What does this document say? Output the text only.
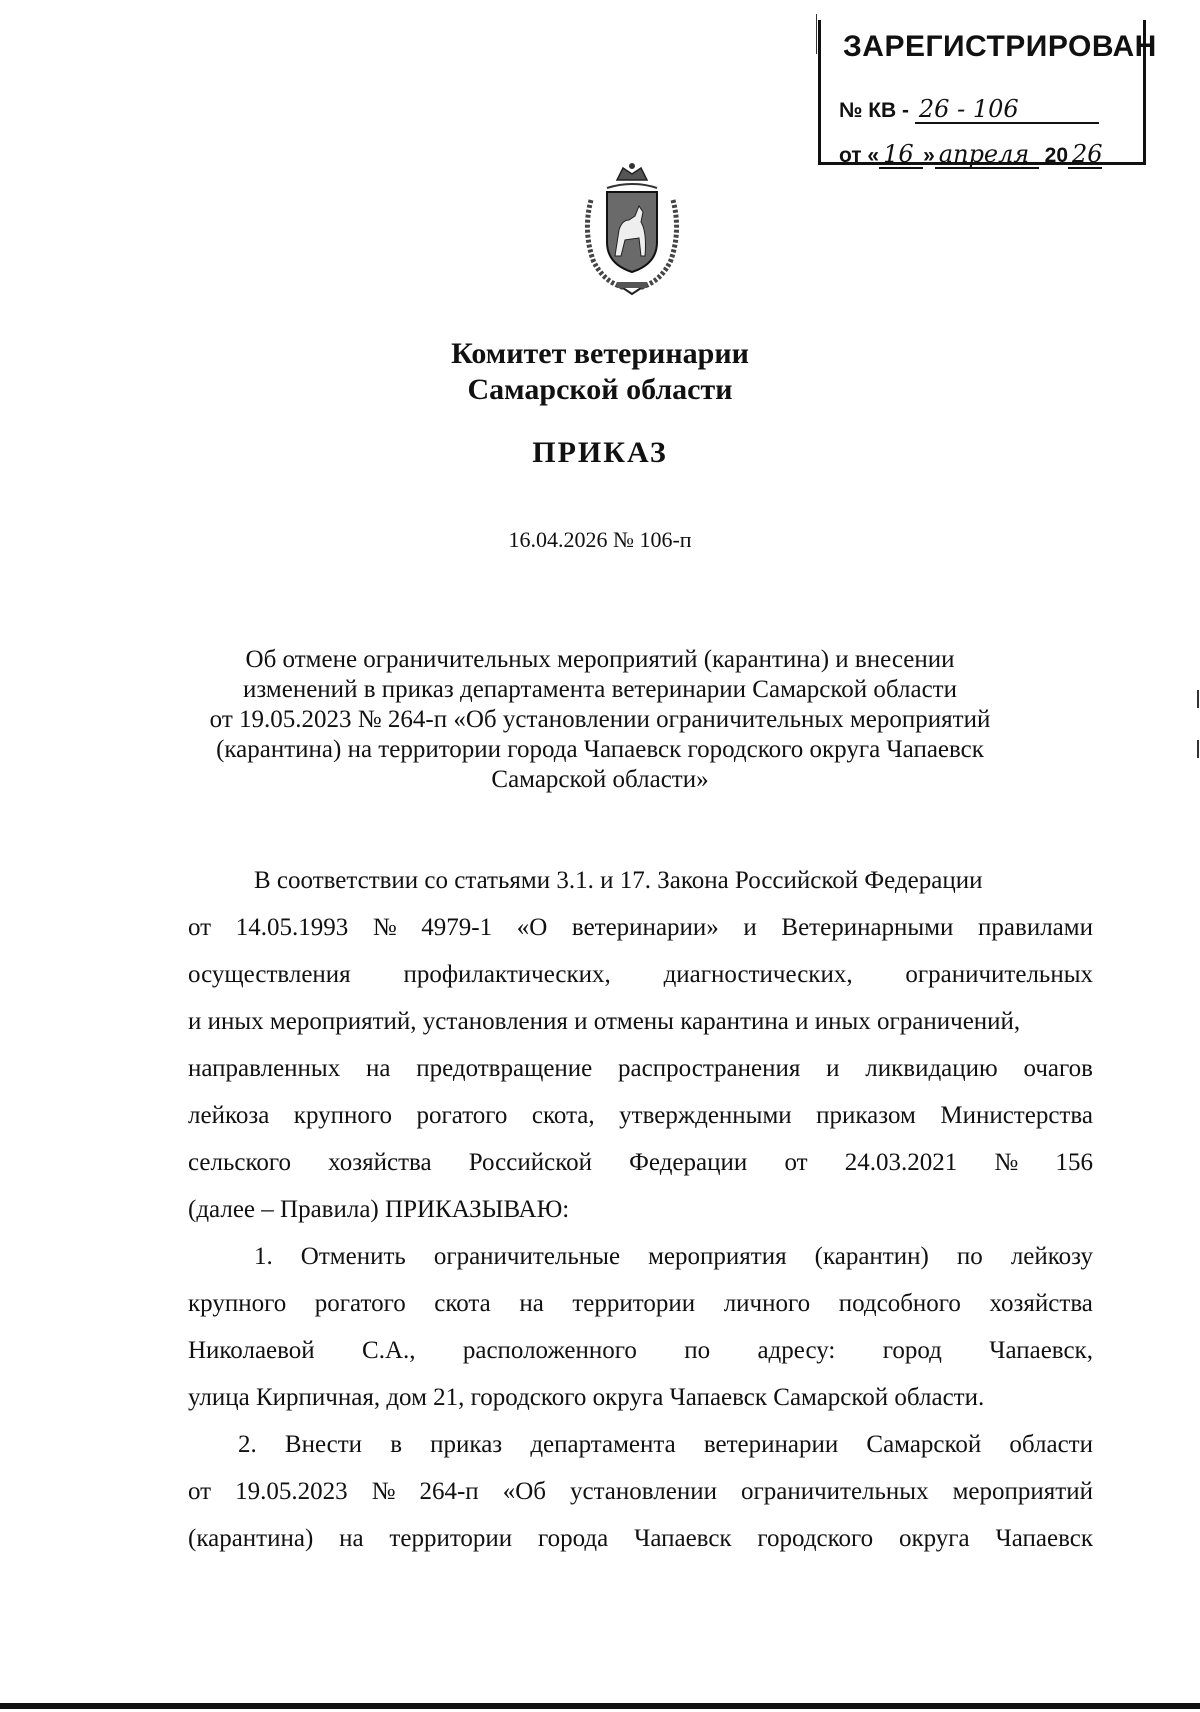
ЗАРЕГИСТРИРОВАН
№ КВ - 26 - 106
от « 16 » апреля 20 26
Комитет ветеринарии
Самарской области
ПРИКАЗ
16.04.2026 № 106-п
Об отмене ограничительных мероприятий (карантина) и внесении
изменений в приказ департамента ветеринарии Самарской области
от 19.05.2023 № 264-п «Об установлении ограничительных мероприятий
(карантина) на территории города Чапаевск городского округа Чапаевск
Самарской области»
В соответствии со статьями 3.1. и 17. Закона Российской Федерации
от 14.05.1993 № 4979-1 «О ветеринарии» и Ветеринарными правилами
осуществления профилактических, диагностических, ограничительных
и иных мероприятий, установления и отмены карантина и иных ограничений,
направленных на предотвращение распространения и ликвидацию очагов
лейкоза крупного рогатого скота, утвержденными приказом Министерства
сельского хозяйства Российской Федерации от 24.03.2021 № 156
(далее – Правила) ПРИКАЗЫВАЮ:
1. Отменить ограничительные мероприятия (карантин) по лейкозу
крупного рогатого скота на территории личного подсобного хозяйства
Николаевой С.А., расположенного по адресу: город Чапаевск,
улица Кирпичная, дом 21, городского округа Чапаевск Самарской области.
2. Внести в приказ департамента ветеринарии Самарской области
от 19.05.2023 № 264-п «Об установлении ограничительных мероприятий
(карантина) на территории города Чапаевск городского округа Чапаевск
